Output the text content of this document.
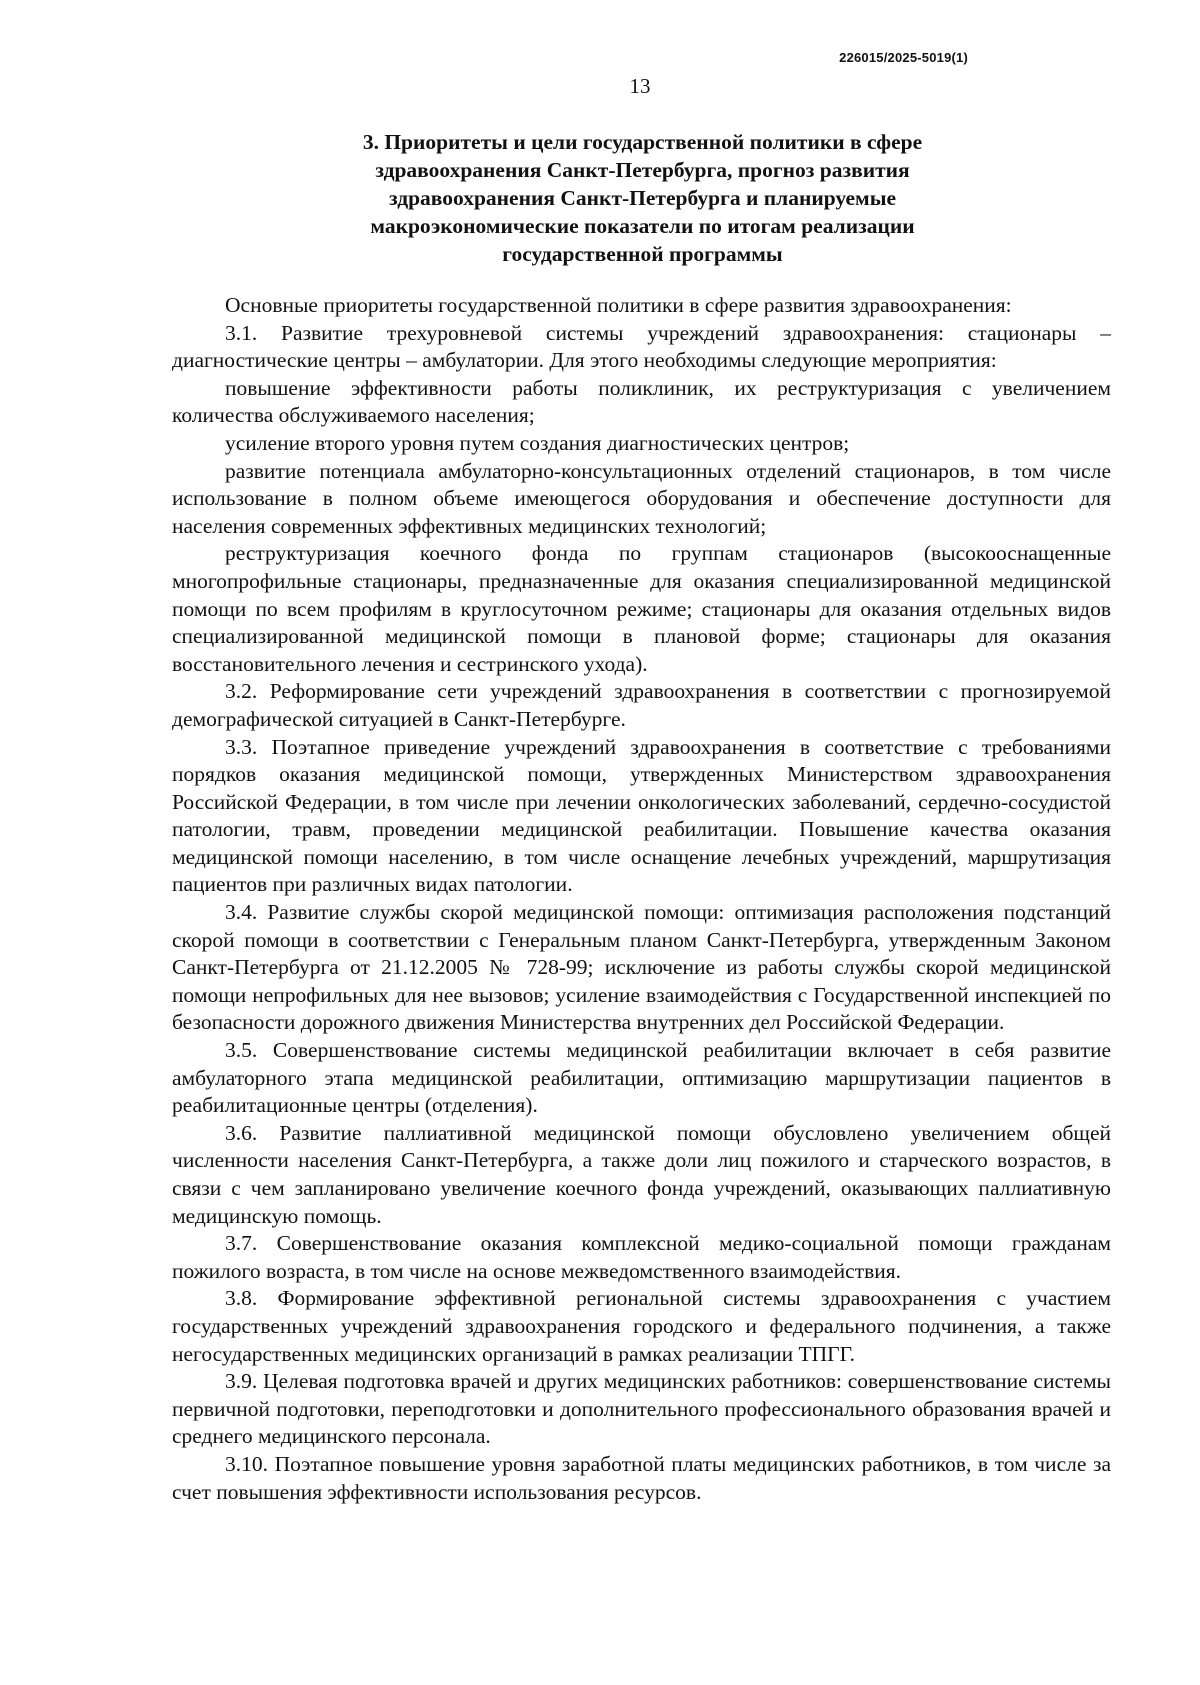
226015/2025-5019(1)
13
3. Приоритеты и цели государственной политики в сфере
здравоохранения Санкт-Петербурга, прогноз развития
здравоохранения Санкт-Петербурга и планируемые
макроэкономические показатели по итогам реализации
государственной программы

Основные приоритеты государственной политики в сфере развития здравоохранения:

3.1. Развитие трехуровневой системы учреждений здравоохранения: стационары – диагностические центры – амбулатории. Для этого необходимы следующие мероприятия:

повышение эффективности работы поликлиник, их реструктуризация с увеличением количества обслуживаемого населения;

усиление второго уровня путем создания диагностических центров;

развитие потенциала амбулаторно-консультационных отделений стационаров, в том числе использование в полном объеме имеющегося оборудования и обеспечение доступности для населения современных эффективных медицинских технологий;

реструктуризация коечного фонда по группам стационаров (высокооснащенные многопрофильные стационары, предназначенные для оказания специализированной медицинской помощи по всем профилям в круглосуточном режиме; стационары для оказания отдельных видов специализированной медицинской помощи в плановой форме; стационары для оказания восстановительного лечения и сестринского ухода).

3.2. Реформирование сети учреждений здравоохранения в соответствии с прогнозируемой демографической ситуацией в Санкт-Петербурге.

3.3. Поэтапное приведение учреждений здравоохранения в соответствие с требованиями порядков оказания медицинской помощи, утвержденных Министерством здравоохранения Российской Федерации, в том числе при лечении онкологических заболеваний, сердечно-сосудистой патологии, травм, проведении медицинской реабилитации. Повышение качества оказания медицинской помощи населению, в том числе оснащение лечебных учреждений, маршрутизация пациентов при различных видах патологии.

3.4. Развитие службы скорой медицинской помощи: оптимизация расположения подстанций скорой помощи в соответствии с Генеральным планом Санкт-Петербурга, утвержденным Законом Санкт-Петербурга от 21.12.2005 № 728-99; исключение из работы службы скорой медицинской помощи непрофильных для нее вызовов; усиление взаимодействия с Государственной инспекцией по безопасности дорожного движения Министерства внутренних дел Российской Федерации.

3.5. Совершенствование системы медицинской реабилитации включает в себя развитие амбулаторного этапа медицинской реабилитации, оптимизацию маршрутизации пациентов в реабилитационные центры (отделения).

3.6. Развитие паллиативной медицинской помощи обусловлено увеличением общей численности населения Санкт-Петербурга, а также доли лиц пожилого и старческого возрастов, в связи с чем запланировано увеличение коечного фонда учреждений, оказывающих паллиативную медицинскую помощь.

3.7. Совершенствование оказания комплексной медико-социальной помощи гражданам пожилого возраста, в том числе на основе межведомственного взаимодействия.

3.8. Формирование эффективной региональной системы здравоохранения с участием государственных учреждений здравоохранения городского и федерального подчинения, а также негосударственных медицинских организаций в рамках реализации ТПГГ.

3.9. Целевая подготовка врачей и других медицинских работников: совершенствование системы первичной подготовки, переподготовки и дополнительного профессионального образования врачей и среднего медицинского персонала.

3.10. Поэтапное повышение уровня заработной платы медицинских работников, в том числе за счет повышения эффективности использования ресурсов.
